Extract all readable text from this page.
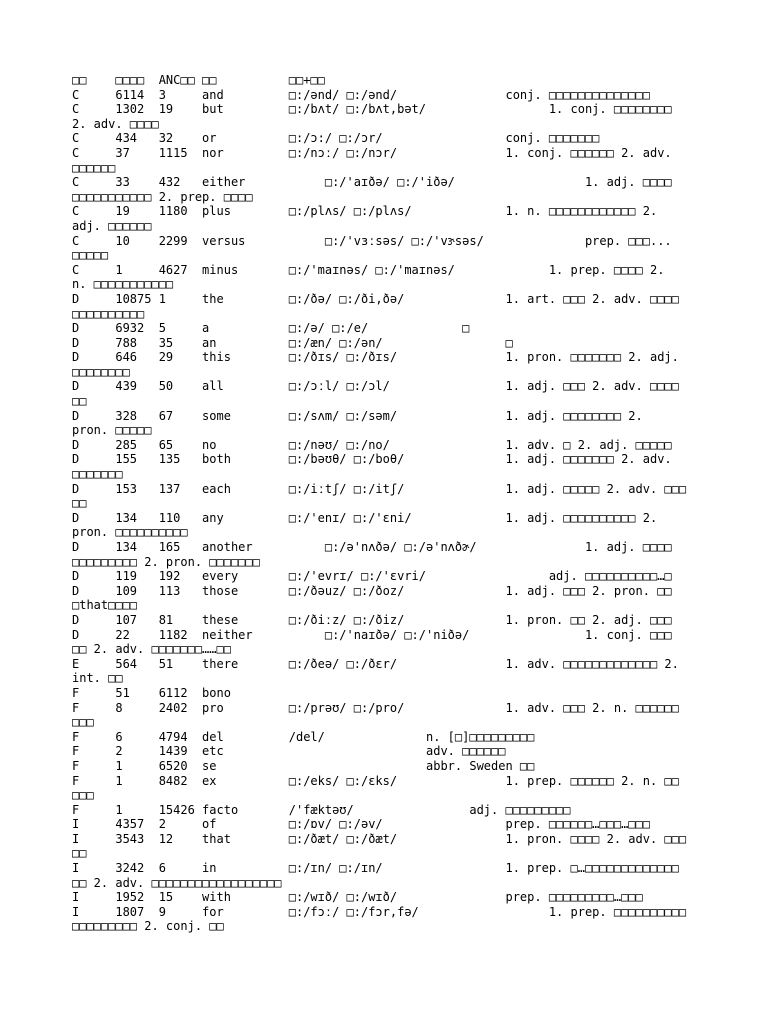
□□    □□□□  ANC□□ □□          □□+□□
C     6114  3     and         □:/ənd/ □:/ənd/               conj. □□□□□□□□□□□□□□
C     1302  19    but         □:/bʌt/ □:/bʌt,bət/                 1. conj. □□□□□□□□
2. adv. □□□□
C     434   32    or          □:/ɔ:/ □:/ɔr/                 conj. □□□□□□□
C     37    1115  nor         □:/nɔː/ □:/nɔr/               1. conj. □□□□□□ 2. adv.
□□□□□□
C     33    432   either           □:/'aɪðə/ □:/'iðə/                  1. adj. □□□□
□□□□□□□□□□□ 2. prep. □□□□
C     19    1180  plus        □:/plʌs/ □:/plʌs/             1. n. □□□□□□□□□□□□ 2.
adj. □□□□□□
C     10    2299  versus           □:/'vɜːsəs/ □:/'vɝsəs/              prep. □□□...
□□□□□
C     1     4627  minus       □:/'maɪnəs/ □:/'maɪnəs/             1. prep. □□□□ 2.
n. □□□□□□□□□□□
D     10875 1     the         □:/ðə/ □:/ði,ðə/              1. art. □□□ 2. adv. □□□□
□□□□□□□□□□
D     6932  5     a           □:/ə/ □:/e/             □
D     788   35    an          □:/æn/ □:/ən/                 □
D     646   29    this        □:/ðɪs/ □:/ðɪs/               1. pron. □□□□□□□ 2. adj.
□□□□□□□□
D     439   50    all         □:/ɔːl/ □:/ɔl/                1. adj. □□□ 2. adv. □□□□
□□
D     328   67    some        □:/sʌm/ □:/səm/               1. adj. □□□□□□□□ 2.
pron. □□□□□
D     285   65    no          □:/nəʊ/ □:/no/                1. adv. □ 2. adj. □□□□□
D     155   135   both        □:/bəʊθ/ □:/boθ/              1. adj. □□□□□□□ 2. adv.
□□□□□□□
D     153   137   each        □:/iːtʃ/ □:/itʃ/              1. adj. □□□□□ 2. adv. □□□
□□
D     134   110   any         □:/'enɪ/ □:/'ɛni/             1. adj. □□□□□□□□□□ 2.
pron. □□□□□□□□□□
D     134   165   another          □:/ə'nʌðə/ □:/ə'nʌðɚ/               1. adj. □□□□
□□□□□□□□□ 2. pron. □□□□□□□
D     119   192   every       □:/'evrɪ/ □:/'ɛvri/                 adj. □□□□□□□□□□…□
D     109   113   those       □:/ðəuz/ □:/ðoz/              1. adj. □□□ 2. pron. □□
□that□□□□
D     107   81    these       □:/ðiːz/ □:/ðiz/              1. pron. □□ 2. adj. □□□
D     22    1182  neither          □:/'naɪðə/ □:/'niðə/                1. conj. □□□
□□ 2. adv. □□□□□□□……□□
E     564   51    there       □:/ðeə/ □:/ðɛr/               1. adv. □□□□□□□□□□□□□ 2.
int. □□
F     51    6112  bono
F     8     2402  pro         □:/prəʊ/ □:/pro/              1. adv. □□□ 2. n. □□□□□□
□□□
F     6     4794  del         /del/              n. [□]□□□□□□□□□
F     2     1439  etc                            adv. □□□□□□
F     1     6520  se                             abbr. Sweden □□
F     1     8482  ex          □:/eks/ □:/ɛks/               1. prep. □□□□□□ 2. n. □□
□□□
F     1     15426 facto       /'fæktəʊ/                adj. □□□□□□□□□
I     4357  2     of          □:/ɒv/ □:/əv/                 prep. □□□□□□…□□□…□□□
I     3543  12    that        □:/ðæt/ □:/ðæt/               1. pron. □□□□ 2. adv. □□□
□□
I     3242  6     in          □:/ɪn/ □:/ɪn/                 1. prep. □…□□□□□□□□□□□□□
□□ 2. adv. □□□□□□□□□□□□□□□□□□
I     1952  15    with        □:/wɪð/ □:/wɪð/               prep. □□□□□□□□□…□□□
I     1807  9     for         □:/fɔː/ □:/fɔr,fə/                  1. prep. □□□□□□□□□□
□□□□□□□□□ 2. conj. □□
